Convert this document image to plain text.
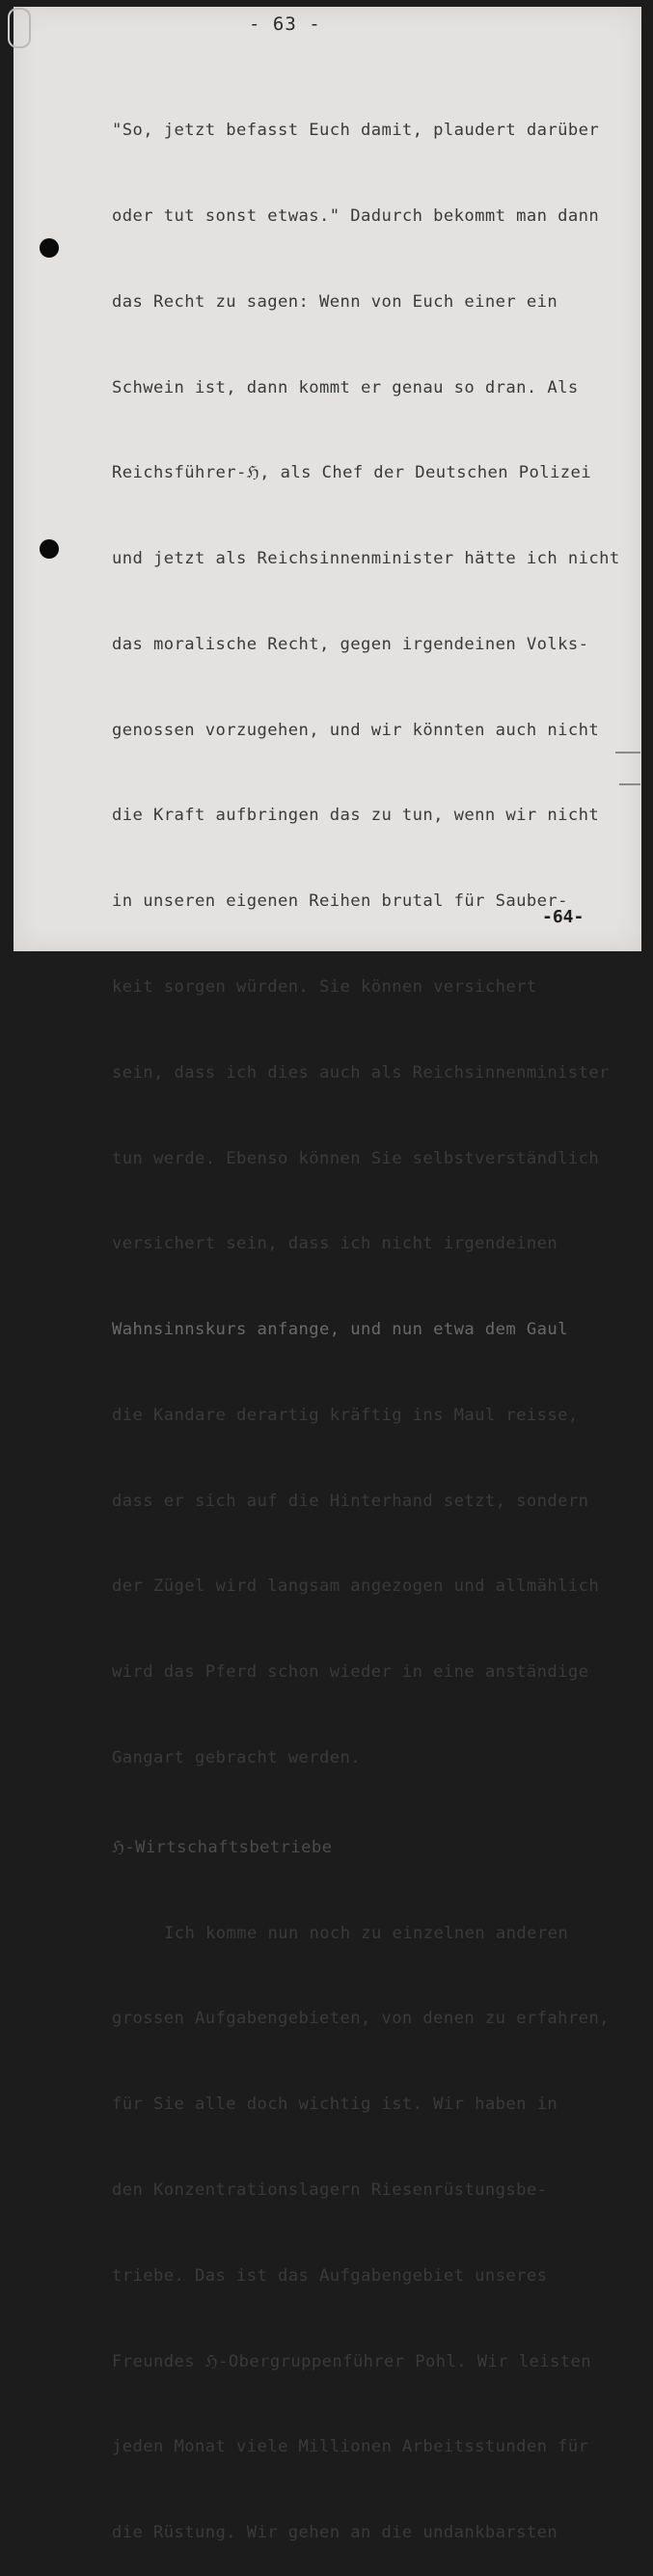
- 63 -

"So, jetzt befasst Euch damit, plaudert darüber

oder tut sonst etwas." Dadurch bekommt man dann

das Recht zu sagen: Wenn von Euch einer ein

Schwein ist, dann kommt er genau so dran. Als

Reichsführer-ℌ, als Chef der Deutschen Polizei

und jetzt als Reichsinnenminister hätte ich nicht

das moralische Recht, gegen irgendeinen Volks-

genossen vorzugehen, und wir könnten auch nicht

die Kraft aufbringen das zu tun, wenn wir nicht

in unseren eigenen Reihen brutal für Sauber-

keit sorgen würden. Sie können versichert

sein, dass ich dies auch als Reichsinnenminister

tun werde. Ebenso können Sie selbstverständlich

versichert sein, dass ich nicht irgendeinen

Wahnsinnskurs anfange, und nun etwa dem Gaul

die Kandare derartig kräftig ins Maul reisse,

dass er sich auf die Hinterhand setzt, sondern

der Zügel wird langsam angezogen und allmählich

wird das Pferd schon wieder in eine anständige

Gangart gebracht werden.

ℌ-Wirtschaftsbetriebe

Ich komme nun noch zu einzelnen anderen

grossen Aufgabengebieten, von denen zu erfahren,

für Sie alle doch wichtig ist. Wir haben in

den Konzentrationslagern Riesenrüstungsbe-

triebe. Das ist das Aufgabengebiet unseres

Freundes ℌ-Obergruppenführer Pohl. Wir leisten

jeden Monat viele Millionen Arbeitsstunden für

die Rüstung. Wir gehen an die undankbarsten

-64-
